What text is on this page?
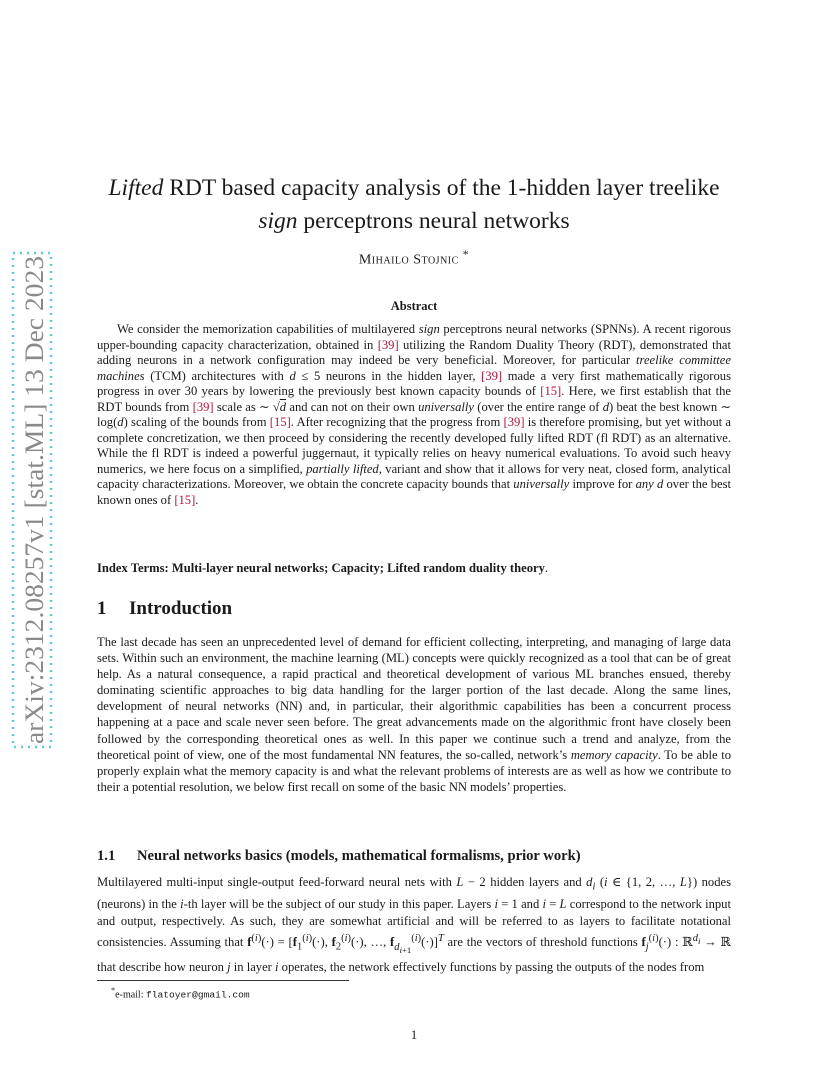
arXiv:2312.08257v1 [stat.ML] 13 Dec 2023
Lifted RDT based capacity analysis of the 1-hidden layer treelike
sign perceptrons neural networks
Mihailo Stojnic *
Abstract

We consider the memorization capabilities of multilayered sign perceptrons neural networks (SPNNs). A recent rigorous upper-bounding capacity characterization, obtained in [39] utilizing the Random Duality Theory (RDT), demonstrated that adding neurons in a network configuration may indeed be very beneficial. Moreover, for particular treelike committee machines (TCM) architectures with d ≤ 5 neurons in the hidden layer, [39] made a very first mathematically rigorous progress in over 30 years by lowering the previously best known capacity bounds of [15]. Here, we first establish that the RDT bounds from [39] scale as ∼ √d and can not on their own universally (over the entire range of d) beat the best known ∼ log(d) scaling of the bounds from [15]. After recognizing that the progress from [39] is therefore promising, but yet without a complete concretization, we then proceed by considering the recently developed fully lifted RDT (fl RDT) as an alternative. While the fl RDT is indeed a powerful juggernaut, it typically relies on heavy numerical evaluations. To avoid such heavy numerics, we here focus on a simplified, partially lifted, variant and show that it allows for very neat, closed form, analytical capacity characterizations. Moreover, we obtain the concrete capacity bounds that universally improve for any d over the best known ones of [15].

Index Terms: Multi-layer neural networks; Capacity; Lifted random duality theory.
1 Introduction

The last decade has seen an unprecedented level of demand for efficient collecting, interpreting, and managing of large data sets. Within such an environment, the machine learning (ML) concepts were quickly recognized as a tool that can be of great help. As a natural consequence, a rapid practical and theoretical development of various ML branches ensued, thereby dominating scientific approaches to big data handling for the larger portion of the last decade. Along the same lines, development of neural networks (NN) and, in particular, their algorithmic capabilities has been a concurrent process happening at a pace and scale never seen before. The great advancements made on the algorithmic front have closely been followed by the corresponding theoretical ones as well. In this paper we continue such a trend and analyze, from the theoretical point of view, one of the most fundamental NN features, the so-called, network’s memory capacity. To be able to properly explain what the memory capacity is and what the relevant problems of interests are as well as how we contribute to their a potential resolution, we below first recall on some of the basic NN models’ properties.

1.1 Neural networks basics (models, mathematical formalisms, prior work)

Multilayered multi-input single-output feed-forward neural nets with L − 2 hidden layers and $d_i$ (i ∈ {1, 2, …, L}) nodes (neurons) in the i-th layer will be the subject of our study in this paper. Layers i = 1 and i = L correspond to the network input and output, respectively. As such, they are somewhat artificial and will be referred to as layers to facilitate notational consistencies. Assuming that $f^{(i)}(\cdot) = [f_1^{(i)}(\cdot)$, $f_2^{(i)}(\cdot)$, …, $f_{d_{i+1}}^{(i)}(\cdot)]^T$ are the vectors of threshold functions $f_j^{(i)}(\cdot)$ : ℝ$^{d_i}$ → ℝ that describe how neuron j in layer i operates, the network effectively functions by passing the outputs of the nodes from

*e-mail: flatoyer@gmail.com
1
